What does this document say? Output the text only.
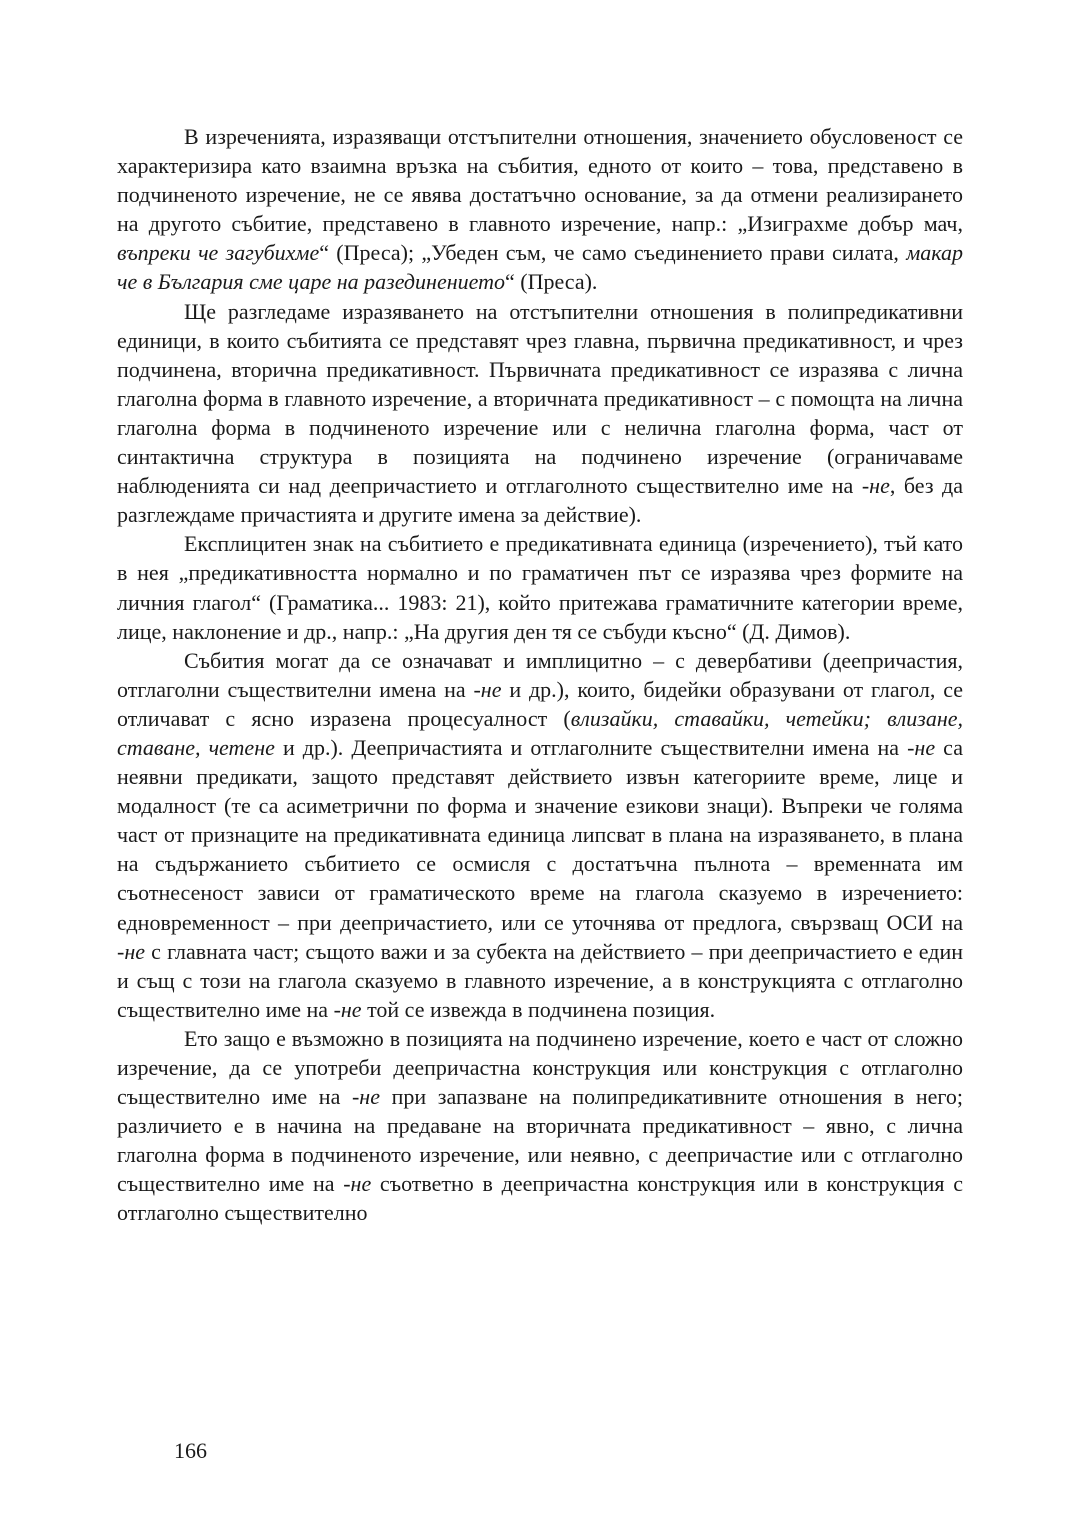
В изреченията, изразяващи отстъпителни отношения, значението обусловеност се характеризира като взаимна връзка на събития, едното от които – това, представено в подчиненото изречение, не се явява достатъчно основание, за да отмени реализирането на другото събитие, представено в главното изречение, напр.: „Изиграхме добър мач, въпреки че загубихме“ (Преса); „Убеден съм, че само съединението прави силата, макар че в България сме царе на разединението“ (Преса).

Ще разгледаме изразяването на отстъпителни отношения в полипредикативни единици, в които събитията се представят чрез главна, първична предикативност, и чрез подчинена, вторична предикативност. Първичната предикативност се изразява с лична глаголна форма в главното изречение, а вторичната предикативност – с помощта на лична глаголна форма в подчиненото изречение или с нелична глаголна форма, част от синтактична структура в позицията на подчинено изречение (ограничаваме наблюденията си над деепричастието и отглаголното съществително име на -не, без да разглеждаме причастията и другите имена за действие).

Експлицитен знак на събитието е предикативната единица (изречението), тъй като в нея „предикативността нормално и по граматичен път се изразява чрез формите на личния глагол“ (Граматика... 1983: 21), който притежава граматичните категории време, лице, наклонение и др., напр.: „На другия ден тя се събуди късно“ (Д. Димов).

Събития могат да се означават и имплицитно – с девербативи (деепричастия, отглаголни съществителни имена на -не и др.), които, бидейки образувани от глагол, се отличават с ясно изразена процесуалност (влизайки, ставайки, четейки; влизане, ставане, четене и др.). Деепричастията и отглаголните съществителни имена на -не са неявни предикати, защото представят действието извън категориите време, лице и модалност (те са асиметрични по форма и значение езикови знаци). Въпреки че голяма част от признаците на предикативната единица липсват в плана на изразяването, в плана на съдържанието събитието се осмисля с достатъчна пълнота – временната им съотнесеност зависи от граматическото време на глагола сказуемо в изречението: едновременност – при деепричастието, или се уточнява от предлога, свързващ ОСИ на -не с главната част; същото важи и за субекта на действието – при деепричастието е един и същ с този на глагола сказуемо в главното изречение, а в конструкцията с отглаголно съществително име на -не той се извежда в подчинена позиция.

Ето защо е възможно в позицията на подчинено изречение, което е част от сложно изречение, да се употреби деепричастна конструкция или конструкция с отглаголно съществително име на -не при запазване на полипредикативните отношения в него; различието е в начина на предаване на вторичната предикативност – явно, с лична глаголна форма в подчиненото изречение, или неявно, с деепричастие или с отглаголно съществително име на -не съответно в деепричастна конструкция или в конструкция с отглаголно съществително

166
